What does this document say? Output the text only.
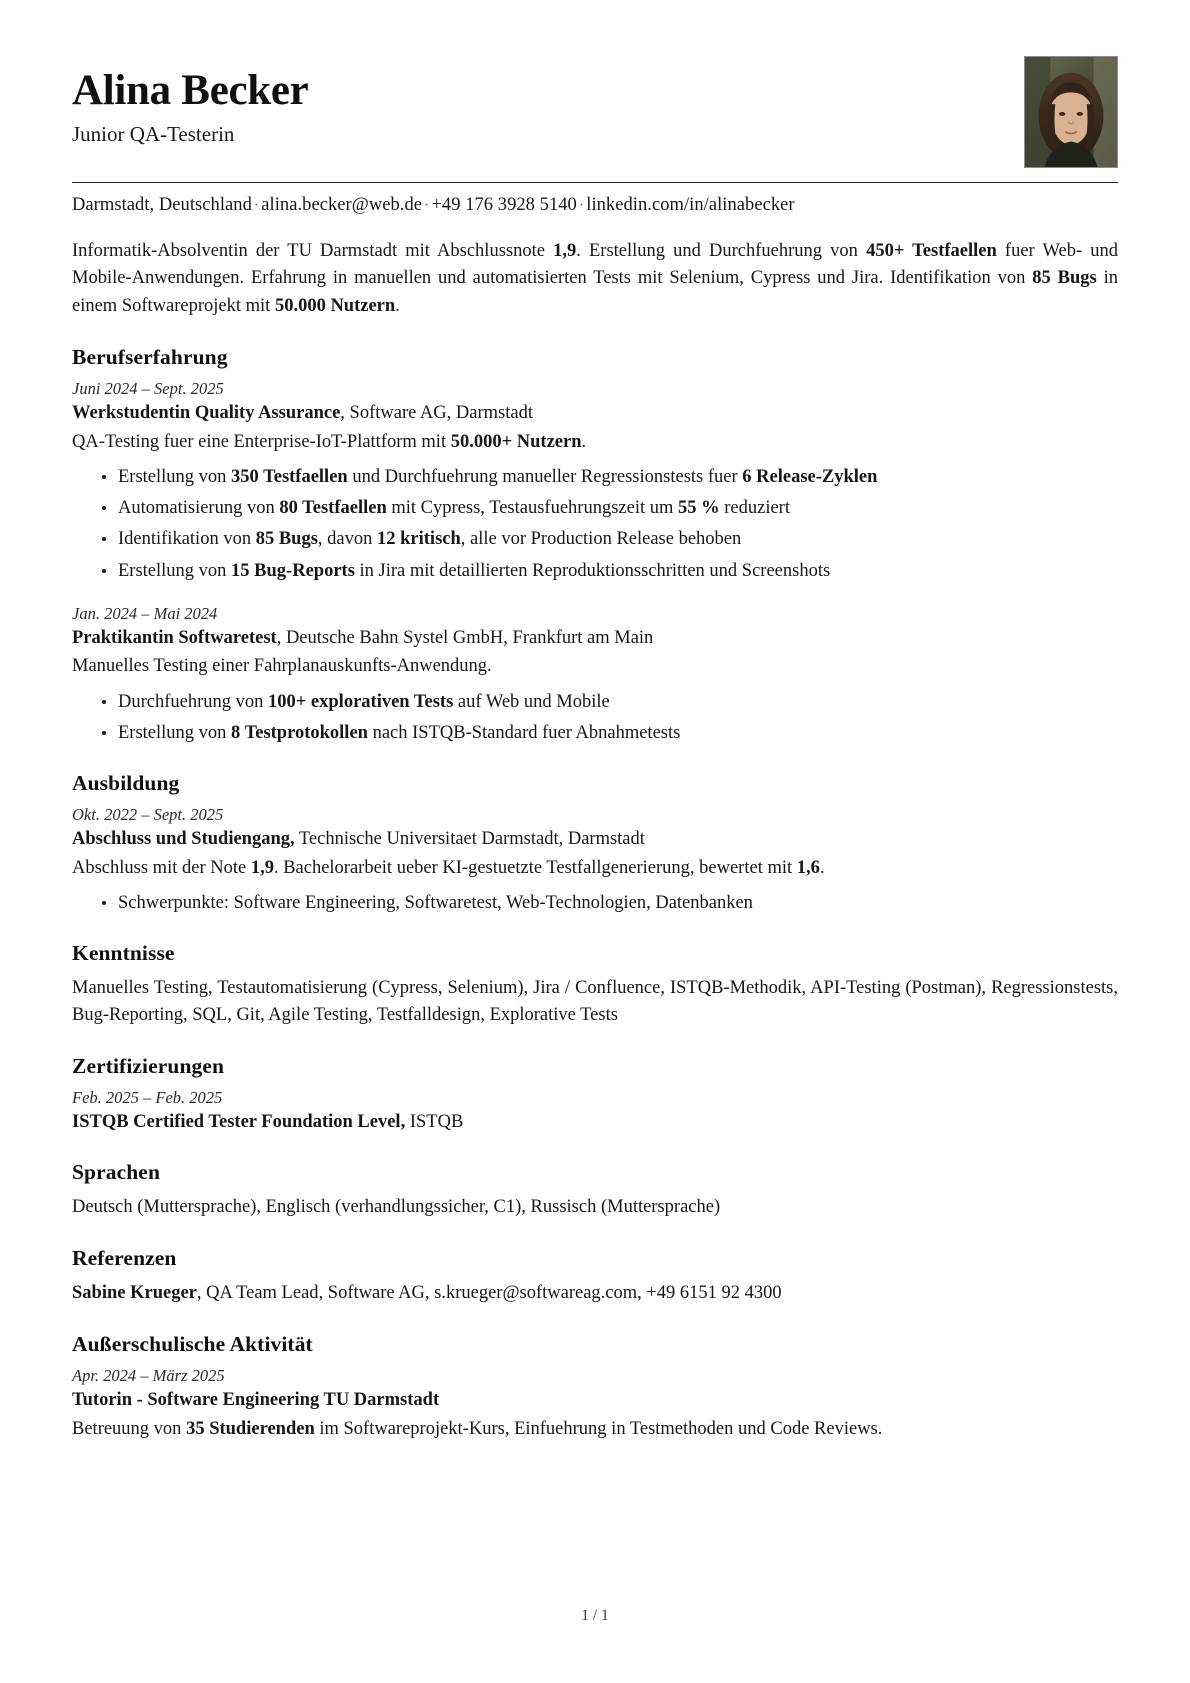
Alina Becker
Junior QA-Testerin
Darmstadt, Deutschland · alina.becker@web.de · +49 176 3928 5140 · linkedin.com/in/alinabecker
Informatik-Absolventin der TU Darmstadt mit Abschlussnote 1,9. Erstellung und Durchfuehrung von 450+ Testfaellen fuer Web- und Mobile-Anwendungen. Erfahrung in manuellen und automatisierten Tests mit Selenium, Cypress und Jira. Identifikation von 85 Bugs in einem Softwareprojekt mit 50.000 Nutzern.
Berufserfahrung
Juni 2024 – Sept. 2025
Werkstudentin Quality Assurance, Software AG, Darmstadt
QA-Testing fuer eine Enterprise-IoT-Plattform mit 50.000+ Nutzern.
Erstellung von 350 Testfaellen und Durchfuehrung manueller Regressionstests fuer 6 Release-Zyklen
Automatisierung von 80 Testfaellen mit Cypress, Testausfuehrungszeit um 55 % reduziert
Identifikation von 85 Bugs, davon 12 kritisch, alle vor Production Release behoben
Erstellung von 15 Bug-Reports in Jira mit detaillierten Reproduktionsschritten und Screenshots
Jan. 2024 – Mai 2024
Praktikantin Softwaretest, Deutsche Bahn Systel GmbH, Frankfurt am Main
Manuelles Testing einer Fahrplanauskunfts-Anwendung.
Durchfuehrung von 100+ explorativen Tests auf Web und Mobile
Erstellung von 8 Testprotokollen nach ISTQB-Standard fuer Abnahmetests
Ausbildung
Okt. 2022 – Sept. 2025
Abschluss und Studiengang, Technische Universitaet Darmstadt, Darmstadt
Abschluss mit der Note 1,9. Bachelorarbeit ueber KI-gestuetzte Testfallgenerierung, bewertet mit 1,6.
Schwerpunkte: Software Engineering, Softwaretest, Web-Technologien, Datenbanken
Kenntnisse
Manuelles Testing, Testautomatisierung (Cypress, Selenium), Jira / Confluence, ISTQB-Methodik, API-Testing (Postman), Regressionstests, Bug-Reporting, SQL, Git, Agile Testing, Testfalldesign, Explorative Tests
Zertifizierungen
Feb. 2025 – Feb. 2025
ISTQB Certified Tester Foundation Level, ISTQB
Sprachen
Deutsch (Muttersprache), Englisch (verhandlungssicher, C1), Russisch (Muttersprache)
Referenzen
Sabine Krueger, QA Team Lead, Software AG, s.krueger@softwareag.com, +49 6151 92 4300
Außerschulische Aktivität
Apr. 2024 – März 2025
Tutorin - Software Engineering TU Darmstadt
Betreuung von 35 Studierenden im Softwareprojekt-Kurs, Einfuehrung in Testmethoden und Code Reviews.
1 / 1
